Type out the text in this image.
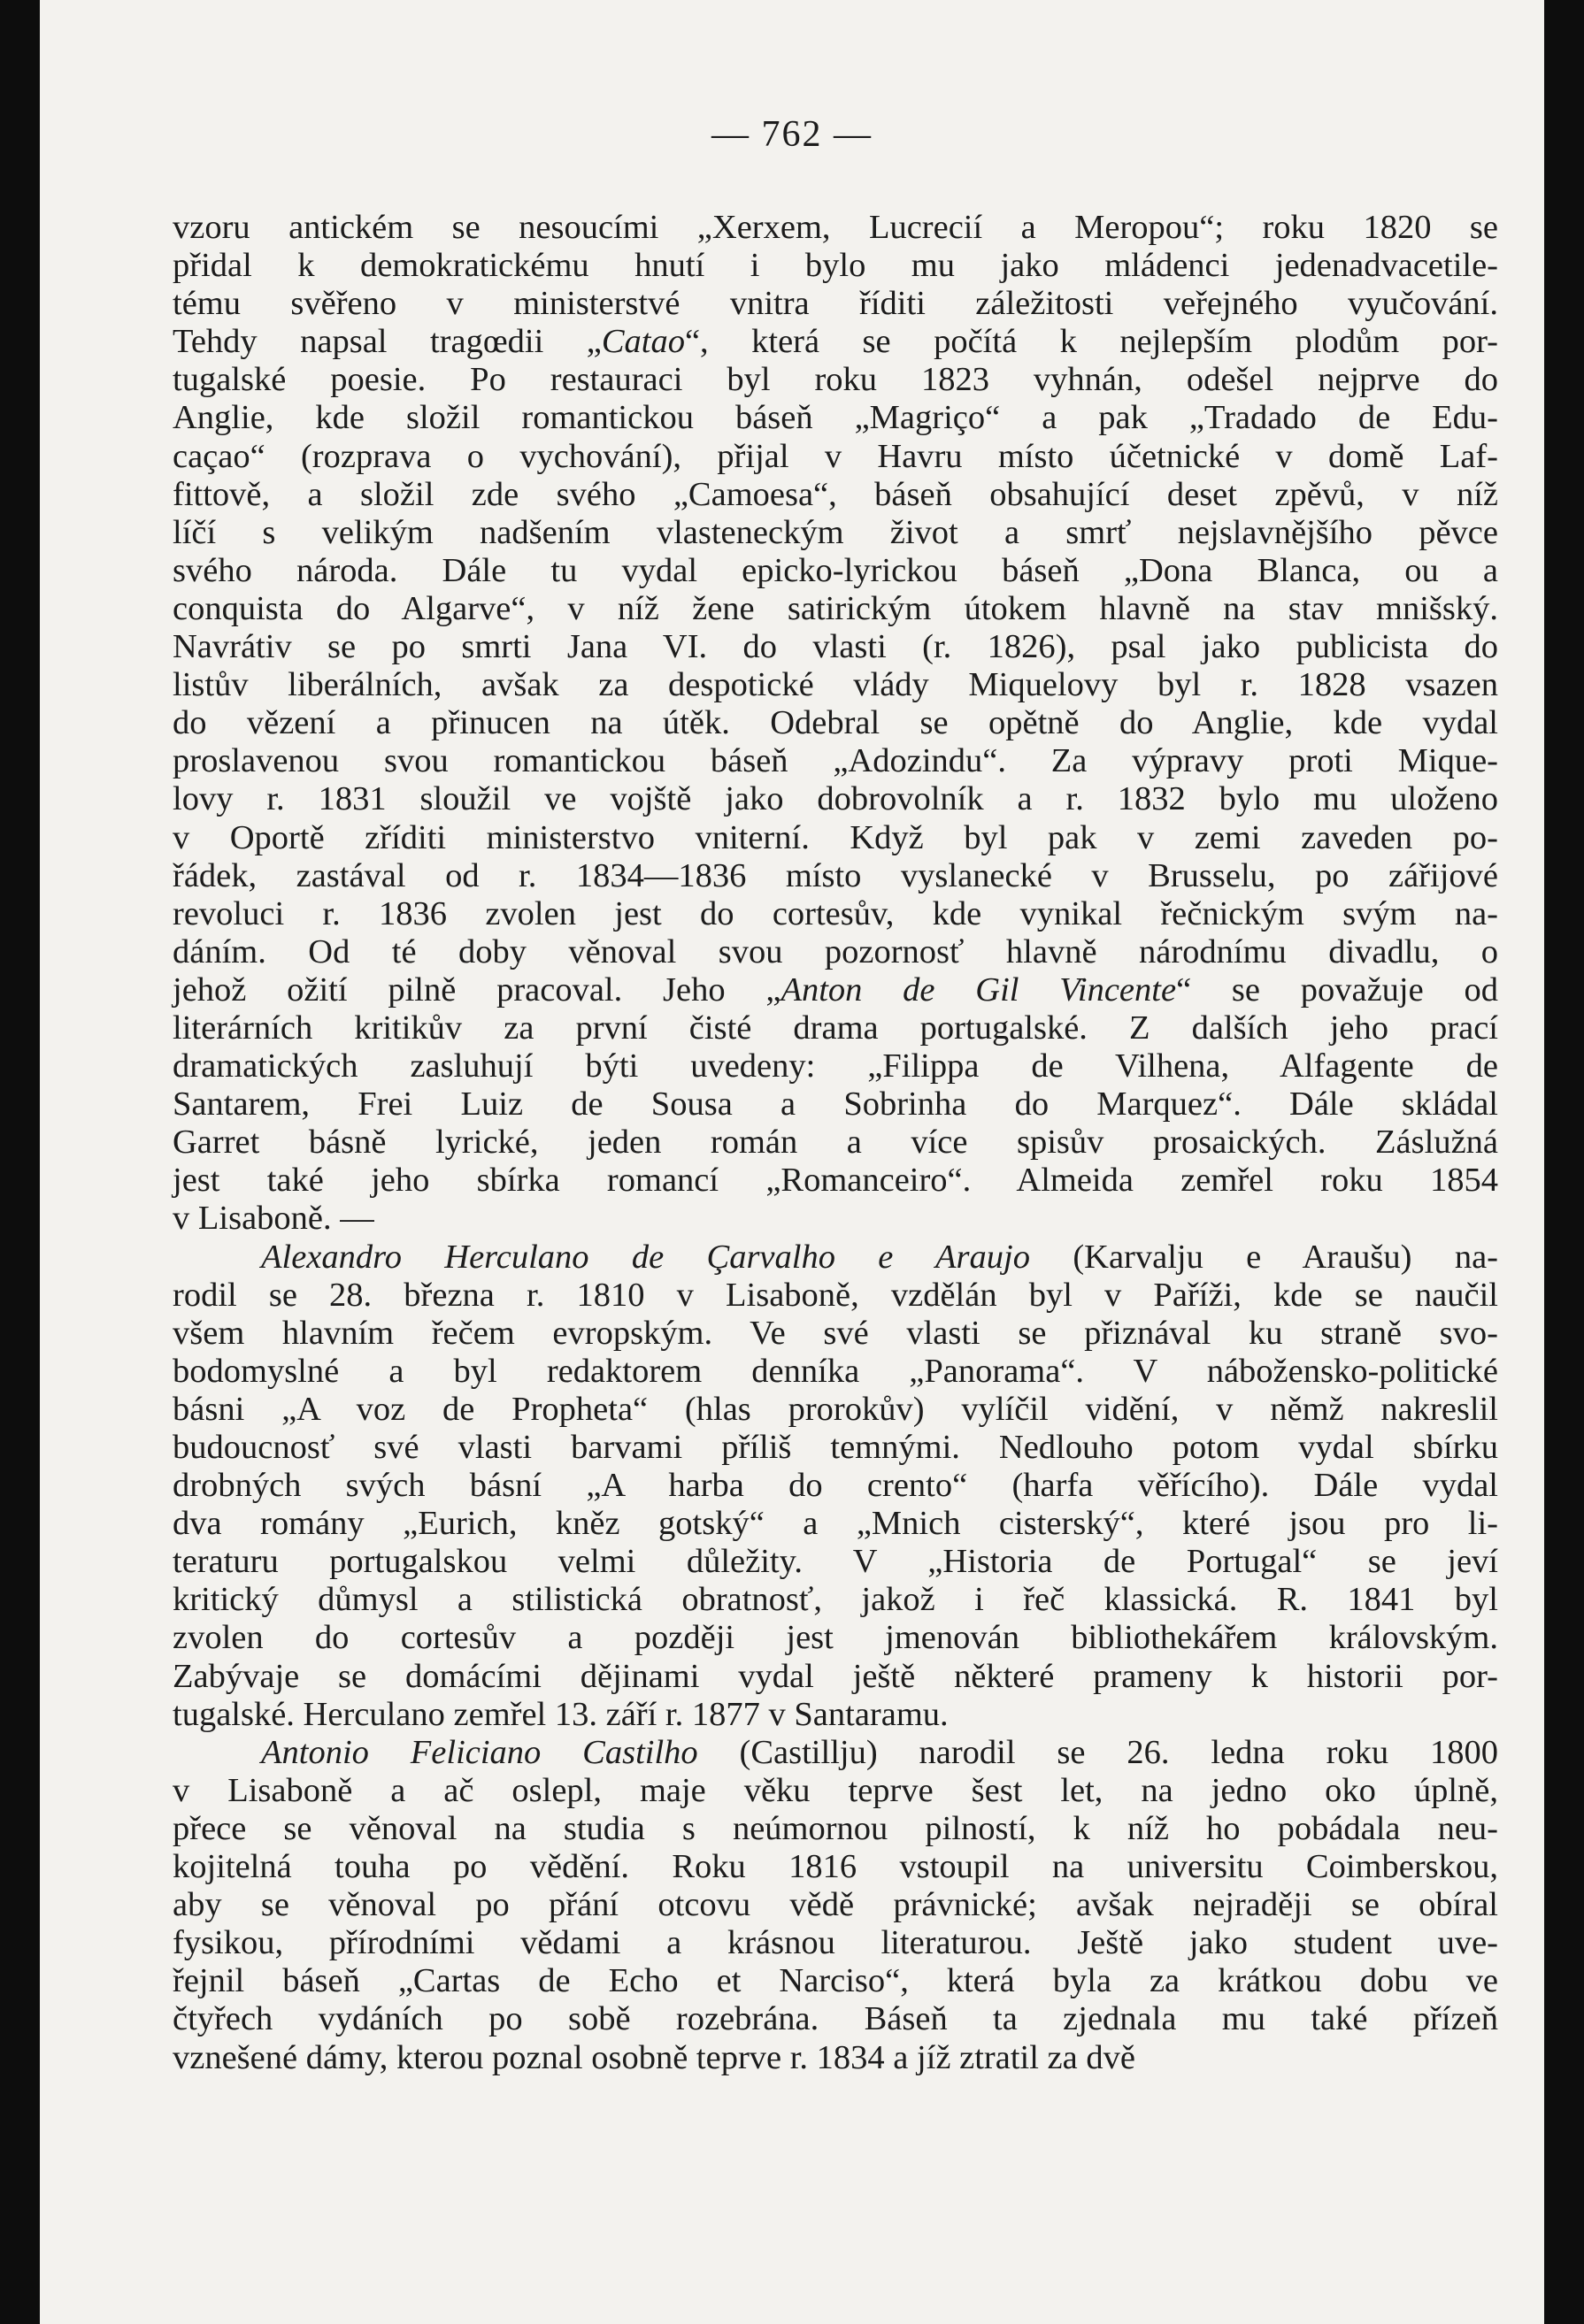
— 762 —

vzoru antickém se nesoucími „Xerxem, Lucrecií a Meropou“; roku 1820 se

přidal k demokratickému hnutí i bylo mu jako mládenci jedenadvacetile-

tému svěřeno v ministerstvé vnitra říditi záležitosti veřejného vyučování.

Tehdy napsal tragœdii „Catao“, která se počítá k nejlepším plodům por-

tugalské poesie. Po restauraci byl roku 1823 vyhnán, odešel nejprve do

Anglie, kde složil romantickou báseň „Magriço“ a pak „Tradado de Edu-

caçao“ (rozprava o vychování), přijal v Havru místo účetnické v domě Laf-

fittově, a složil zde svého „Camoesa“, báseň obsahující deset zpěvů, v níž

líčí s velikým nadšením vlasteneckým život a smrť nejslavnějšího pěvce

svého národa. Dále tu vydal epicko-lyrickou báseň „Dona Blanca, ou a

conquista do Algarve“, v níž žene satirickým útokem hlavně na stav mnišský.

Navrátiv se po smrti Jana VI. do vlasti (r. 1826), psal jako publicista do

listův liberálních, avšak za despotické vlády Miquelovy byl r. 1828 vsazen

do vězení a přinucen na útěk. Odebral se opětně do Anglie, kde vydal

proslavenou svou romantickou báseň „Adozindu“. Za výpravy proti Mique-

lovy r. 1831 sloužil ve vojště jako dobrovolník a r. 1832 bylo mu uloženo

v Oportě zříditi ministerstvo vniterní. Když byl pak v zemi zaveden po-

řádek, zastával od r. 1834—1836 místo vyslanecké v Brusselu, po zářijové

revoluci r. 1836 zvolen jest do cortesův, kde vynikal řečnickým svým na-

dáním. Od té doby věnoval svou pozornosť hlavně národnímu divadlu, o

jehož ožití pilně pracoval. Jeho „Anton de Gil Vincente“ se považuje od

literárních kritikův za první čisté drama portugalské. Z dalších jeho prací

dramatických zasluhují býti uvedeny: „Filippa de Vilhena, Alfagente de

Santarem, Frei Luiz de Sousa a Sobrinha do Marquez“. Dále skládal

Garret básně lyrické, jeden román a více spisův prosaických. Záslužná

jest také jeho sbírka romancí „Romanceiro“. Almeida zemřel roku 1854

v Lisaboně. —

Alexandro Herculano de Çarvalho e Araujo (Karvalju e Araušu) na-

rodil se 28. března r. 1810 v Lisaboně, vzdělán byl v Paříži, kde se naučil

všem hlavním řečem evropským. Ve své vlasti se přiznával ku straně svo-

bodomyslné a byl redaktorem denníka „Panorama“. V nábožensko-politické

básni „A voz de Propheta“ (hlas prorokův) vylíčil vidění, v němž nakreslil

budoucnosť své vlasti barvami příliš temnými. Nedlouho potom vydal sbírku

drobných svých básní „A harba do crento“ (harfa věřícího). Dále vydal

dva romány „Eurich, kněz gotský“ a „Mnich cisterský“, které jsou pro li-

teraturu portugalskou velmi důležity. V „Historia de Portugal“ se jeví

kritický důmysl a stilistická obratnosť, jakož i řeč klassická. R. 1841 byl

zvolen do cortesův a později jest jmenován bibliothekářem královským.

Zabývaje se domácími dějinami vydal ještě některé prameny k historii por-

tugalské. Herculano zemřel 13. září r. 1877 v Santaramu.

Antonio Feliciano Castilho (Castillju) narodil se 26. ledna roku 1800

v Lisaboně a ač oslepl, maje věku teprve šest let, na jedno oko úplně,

přece se věnoval na studia s neúmornou pilností, k níž ho pobádala neu-

kojitelná touha po vědění. Roku 1816 vstoupil na universitu Coimberskou,

aby se věnoval po přání otcovu vědě právnické; avšak nejraději se obíral

fysikou, přírodními vědami a krásnou literaturou. Ještě jako student uve-

řejnil báseň „Cartas de Echo et Narciso“, která byla za krátkou dobu ve

čtyřech vydáních po sobě rozebrána. Báseň ta zjednala mu také přízeň

vznešené dámy, kterou poznal osobně teprve r. 1834 a jíž ztratil za dvě
